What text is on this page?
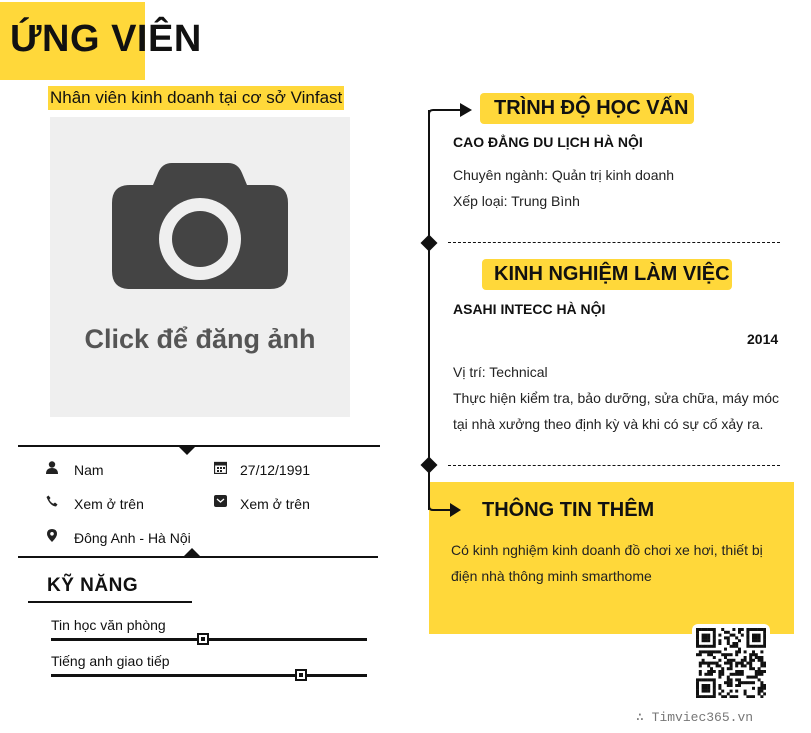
ỨNG VIÊN
Nhân viên kinh doanh tại cơ sở Vinfast
Click để đăng ảnh
Nam	27/12/1991
Xem ở trên	Xem ở trên
Đông Anh - Hà Nội
KỸ NĂNG
Tin học văn phòng
Tiếng anh giao tiếp
TRÌNH ĐỘ HỌC VẤN
CAO ĐẲNG DU LỊCH HÀ NỘI
Chuyên ngành: Quản trị kinh doanh
Xếp loại: Trung Bình
KINH NGHIỆM LÀM VIỆC
ASAHI INTECC HÀ NỘI
2014
Vị trí: Technical
Thực hiện kiểm tra, bảo dưỡng, sửa chữa, máy móc
tại nhà xưởng theo định kỳ và khi có sự cố xảy ra.
THÔNG TIN THÊM
Có kinh nghiệm kinh doanh đồ chơi xe hơi, thiết bị
điện nhà thông minh smarthome
∴ Timviec365.vn
